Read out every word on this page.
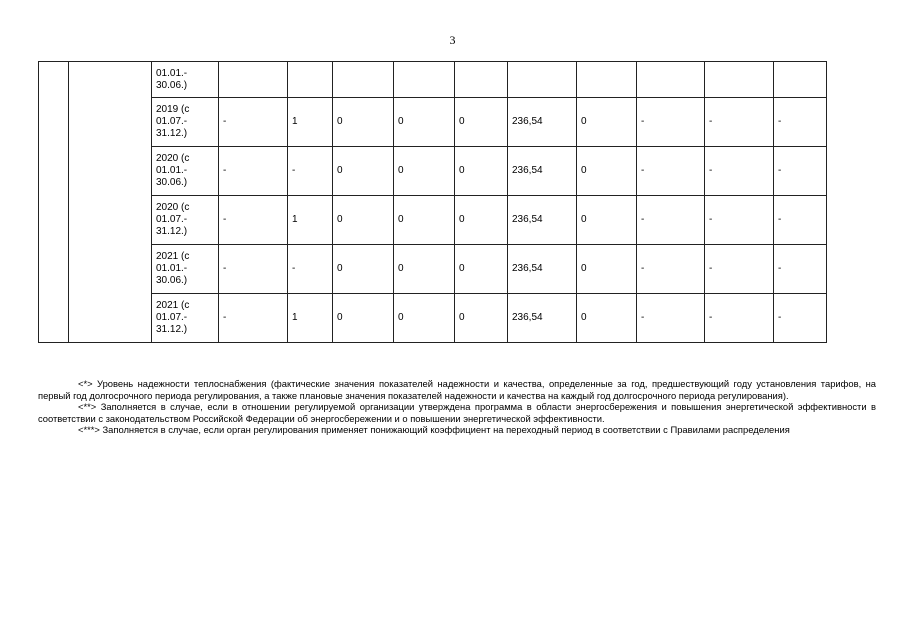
3
		01.01.-
30.06.)										
		2019 (с
01.07.-
31.12.)	-	1	0	0	0	236,54	0	-	-	-
		2020 (с
01.01.-
30.06.)	-	-	0	0	0	236,54	0	-	-	-
		2020 (с
01.07.-
31.12.)	-	1	0	0	0	236,54	0	-	-	-
		2021 (с
01.01.-
30.06.)	-	-	0	0	0	236,54	0	-	-	-
		2021 (с
01.07.-
31.12.)	-	1	0	0	0	236,54	0	-	-	-

<*> Уровень надежности теплоснабжения (фактические значения показателей надежности и качества, определенные за год, предшествующий году установления тарифов, на первый год долгосрочного периода регулирования, а также плановые значения показателей надежности и качества на каждый год долгосрочного периода регулирования).

<**> Заполняется в случае, если в отношении регулируемой организации утверждена программа в области энергосбережения и повышения энергетической эффективности в соответствии с законодательством Российской Федерации об энергосбережении и о повышении энергетической эффективности.

<***> Заполняется в случае, если орган регулирования применяет понижающий коэффициент на переходный период в соответствии с Правилами распределения
